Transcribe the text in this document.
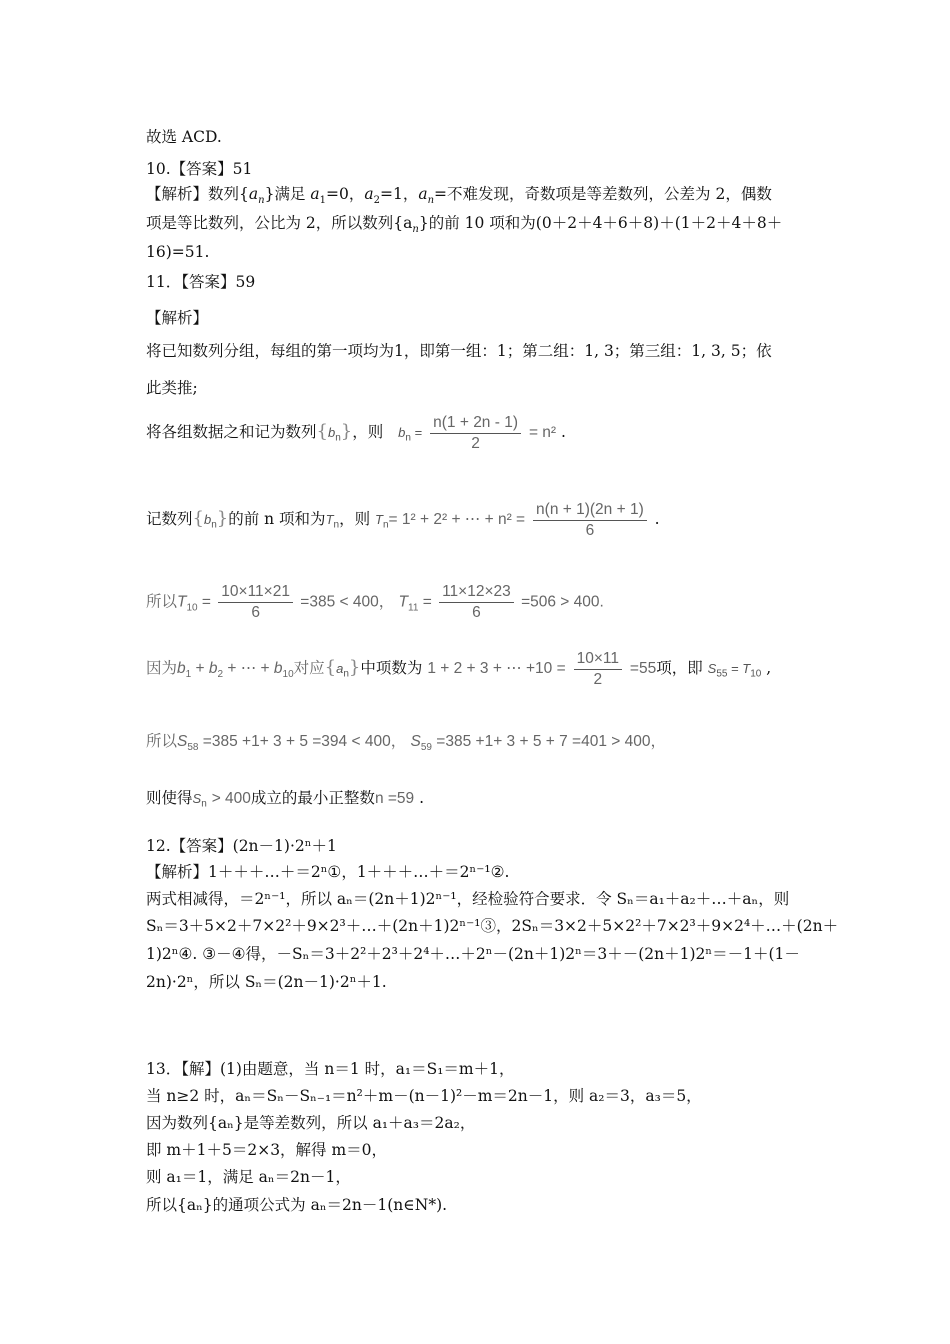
故选 ACD.
10.【答案】51
【解析】数列$\{a_n\}$满足 $a_1=0$，$a_2=1$，$a_n=$不难发现，奇数项是等差数列，公差为 2，偶数
项是等比数列，公比为 2，所以数列$\{a_n\}$的前 10 项和为(0＋2＋4＋6＋8)＋(1＋2＋4＋8＋
16)=51.
11．【答案】59
【解析】
将已知数列分组，每组的第一项均为1，即第一组：1；第二组：1, 3；第三组：1, 3, 5；依
此类推;
将各组数据之和记为数列$\{b_n\}$，则 $b_n = \frac{n(1 + 2n - 1)}{2} = n^2$ .
记数列$\{b_n\}$的前 n 项和为$T_n$，则 $T_n= 1^2 + 2^2$ + ⋯ + $n^2 = \frac{n(n + 1)(2n + 1)}{6}$ .
所以$T_{10} = \frac{10\times 11\times 21}{6} =385 < 400$， $T_{11} = \frac{11\times 12\times 23}{6} =506 > 400$.
因为$b_1 + b_2$ + ⋯ + $b_{10}$对应$\{a_n\}$中项数为 1 + 2 + 3 + ⋯ $+10 = \frac{10\times 11}{2} =55$项，即 $S_{55} = T_{10}$ ,
所以$S_{58} =385 +1+ 3 + 5 =394 < 400$， $S_{59} =385 +1+ 3 + 5 + 7 =401 > 400$，
则使得$S_n > 400$成立的最小正整数n =59 .
12.【答案】(2n－1)·2ⁿ＋1
【解析】1＋＋＋…＋＝2ⁿ①，1＋＋＋…＋＝2ⁿ⁻¹②.
两式相减得，＝2ⁿ⁻¹，所以 aₙ＝(2n＋1)2ⁿ⁻¹，经检验符合要求．令 Sₙ＝a₁＋a₂＋…＋aₙ，则
Sₙ＝3＋5×2＋7×2²＋9×2³＋…＋(2n＋1)2ⁿ⁻¹③，2Sₙ＝3×2＋5×2²＋7×2³＋9×2⁴＋…＋(2n＋
1)2ⁿ④. ③－④得，－Sₙ＝3＋2²＋2³＋2⁴＋…＋2ⁿ－(2n＋1)2ⁿ＝3＋－(2n＋1)2ⁿ＝－1＋(1－
2n)·2ⁿ，所以 Sₙ＝(2n－1)·2ⁿ＋1.
13．【解】(1)由题意，当 n＝1 时，a₁＝S₁＝m＋1，
当 n≥2 时，aₙ＝Sₙ－Sₙ₋₁＝n²＋m－(n－1)²－m＝2n－1，则 a₂＝3，a₃＝5，
因为数列{aₙ}是等差数列，所以 a₁＋a₃＝2a₂，
即 m＋1＋5＝2×3，解得 m＝0，
则 a₁＝1，满足 aₙ＝2n－1，
所以{aₙ}的通项公式为 aₙ＝2n－1(n∈N*).
